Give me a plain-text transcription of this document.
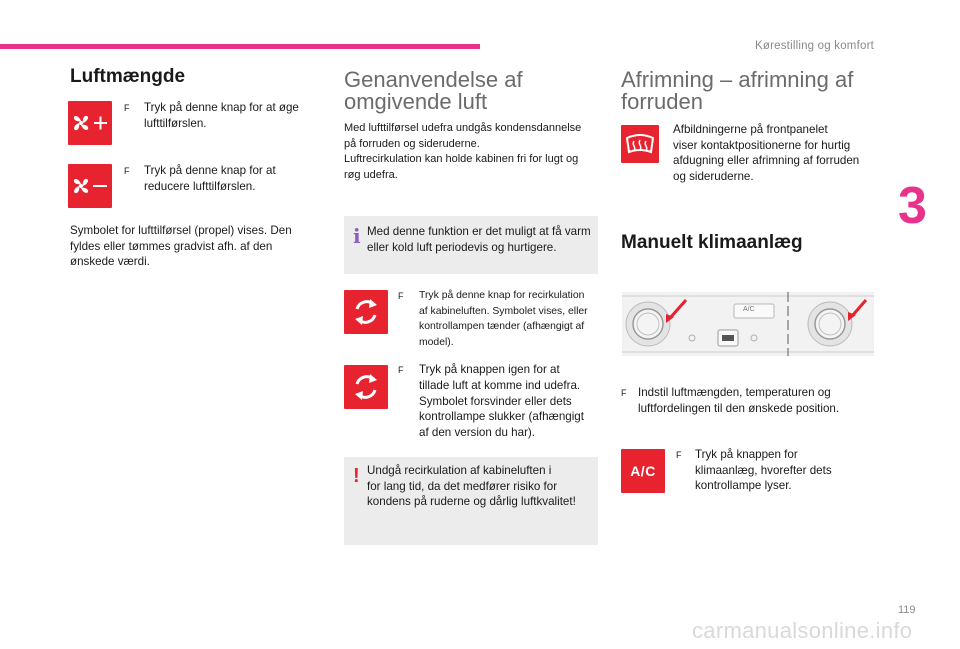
Kørestilling og komfort
3
Luftmængde
F Tryk på denne knap for at øge
lufttilførslen.
F Tryk på denne knap for at
reducere lufttilførslen.
Symbolet for lufttilførsel (propel) vises. Den
fyldes eller tømmes gradvist afh. af den
ønskede værdi.
Genanvendelse af
omgivende luft
Med lufttilførsel udefra undgås kondensdannelse
på forruden og sideruderne.
Luftrecirkulation kan holde kabinen fri for lugt og
røg udefra.
i Med denne funktion er det muligt at få varm
eller kold luft periodevis og hurtigere.
F Tryk på denne knap for recirkulation
af kabineluften. Symbolet vises, eller
kontrollampen tænder (afhængigt af
model).
F Tryk på knappen igen for at
tillade luft at komme ind udefra.
Symbolet forsvinder eller dets
kontrollampe slukker (afhængigt
af den version du har).
! Undgå recirkulation af kabineluften i
for lang tid, da det medfører risiko for
kondens på ruderne og dårlig luftkvalitet!
Afrimning – afrimning af
forruden
Afbildningerne på frontpanelet
viser kontaktpositionerne for hurtig
afdugning eller afrimning af forruden
og sideruderne.
Manuelt klimaanlæg
A/C
F Indstil luftmængden, temperaturen og
luftfordelingen til den ønskede position.
A/C
F Tryk på knappen for
klimaanlæg, hvorefter dets
kontrollampe lyser.
119
carmanualsonline.info
